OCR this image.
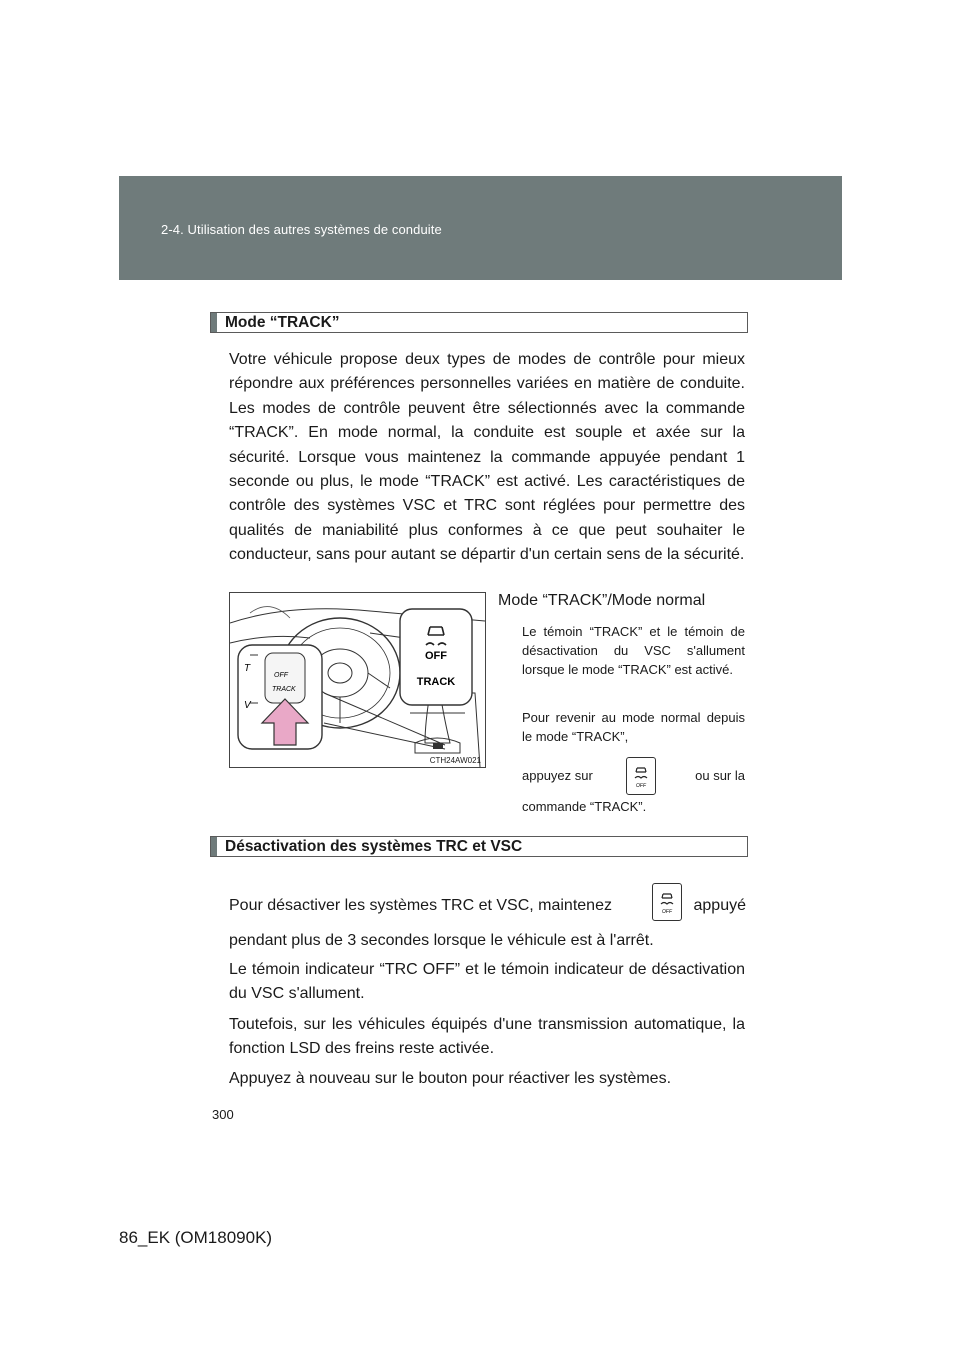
2-4. Utilisation des autres systèmes de conduite
Mode “TRACK”

Votre véhicule propose deux types de modes de contrôle pour mieux répondre aux préférences personnelles variées en matière de conduite. Les modes de contrôle peuvent être sélectionnés avec la commande “TRACK”. En mode normal, la conduite est souple et axée sur la sécurité. Lorsque vous maintenez la commande appuyée pendant 1 seconde ou plus, le mode “TRACK” est activé. Les caractéristiques de contrôle des systèmes VSC et TRC sont réglées pour permettre des qualités de maniabilité plus conformes à ce que peut souhaiter le conducteur, sans pour autant se départir d'un certain sens de la sécurité.

T
V
OFF
TRACK
OFF
TRACK
CTH24AW021
Mode “TRACK”/Mode normal

Le témoin “TRACK” et le témoin de désactivation du VSC s'allument lorsque le mode “TRACK” est activé.

Pour revenir au mode normal depuis le mode “TRACK”,

appuyez sur
OFF
ou sur la
commande “TRACK”.
Désactivation des systèmes TRC et VSC
Pour désactiver les systèmes TRC et VSC, maintenez	OFF	appuyé
pendant plus de 3 secondes lorsque le véhicule est à l'arrêt.

Le témoin indicateur “TRC OFF” et le témoin indicateur de désactivation du VSC s'allument.

Toutefois, sur les véhicules équipés d'une transmission automatique, la fonction LSD des freins reste activée.

Appuyez à nouveau sur le bouton pour réactiver les systèmes.

300
86_EK (OM18090K)
